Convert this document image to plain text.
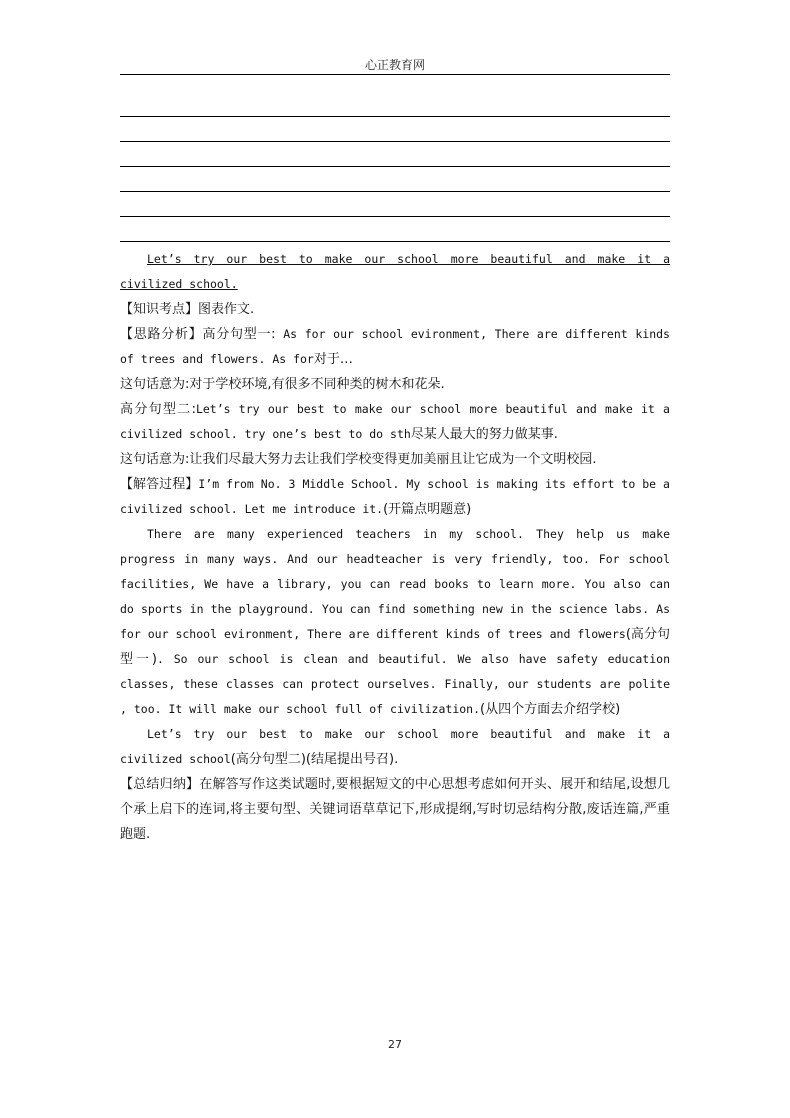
心正教育网

Let’s try our best to make our school more beautiful and make it a civilized school.

【知识考点】图表作文.

【思路分析】高分句型一: As for our school evironment, There are different kinds of trees and flowers. As for对于…

这句话意为:对于学校环境,有很多不同种类的树木和花朵.

高分句型二:Let’s try our best to make our school more beautiful and make it a civilized school. try one’s best to do sth尽某人最大的努力做某事.

这句话意为:让我们尽最大努力去让我们学校变得更加美丽且让它成为一个文明校园.

【解答过程】I’m from No. 3 Middle School. My school is making its effort to be a civilized school. Let me introduce it.(开篇点明题意)

There are many experienced teachers in my school. They help us make progress in many ways. And our headteacher is very friendly, too. For school facilities, We have a library, you can read books to learn more. You also can do sports in the playground. You can find something new in the science labs. As for our school evironment, There are different kinds of trees and flowers(高分句型一). So our school is clean and beautiful. We also have safety education classes, these classes can protect ourselves. Finally, our students are polite , too. It will make our school full of civilization.(从四个方面去介绍学校)

Let’s try our best to make our school more beautiful and make it a civilized school(高分句型二)(结尾提出号召).

【总结归纳】在解答写作这类试题时,要根据短文的中心思想考虑如何开头、展开和结尾,设想几个承上启下的连词,将主要句型、关键词语草草记下,形成提纲,写时切忌结构分散,废话连篇,严重跑题.

27
